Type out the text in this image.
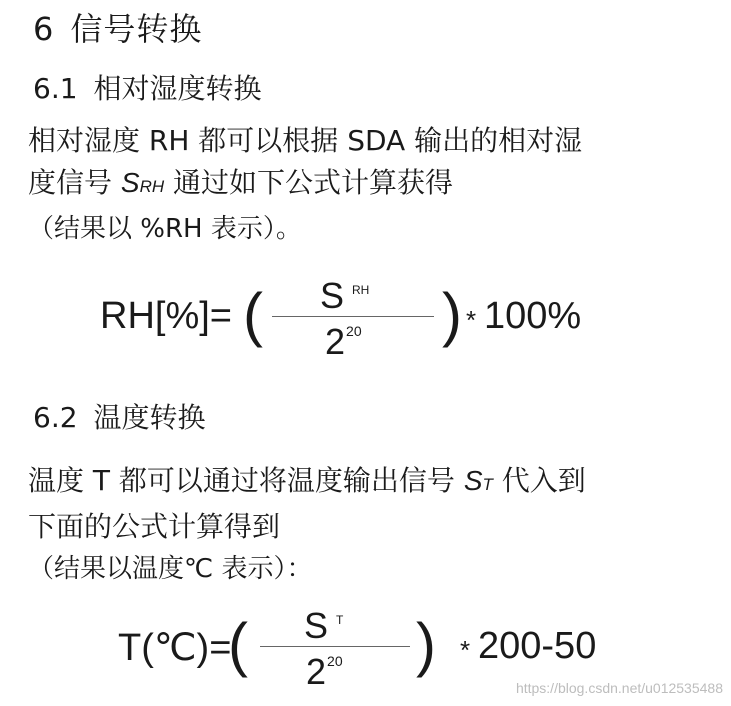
6 信号转换
6.1 相对湿度转换
相对湿度 RH 都可以根据 SDA 输出的相对湿
度信号 SRH 通过如下公式计算获得
（结果以 %RH 表示）。
RH[%]= ( S $^{RH}$
$2^{20}$ ) * 100%
6.2 温度转换
温度 T 都可以通过将温度输出信号 ST 代入到
下面的公式计算得到
（结果以温度℃ 表示）：
T(℃)=
( S $^T$
$2^{20}$ ) * 200-50
https://blog.csdn.net/u012535488
